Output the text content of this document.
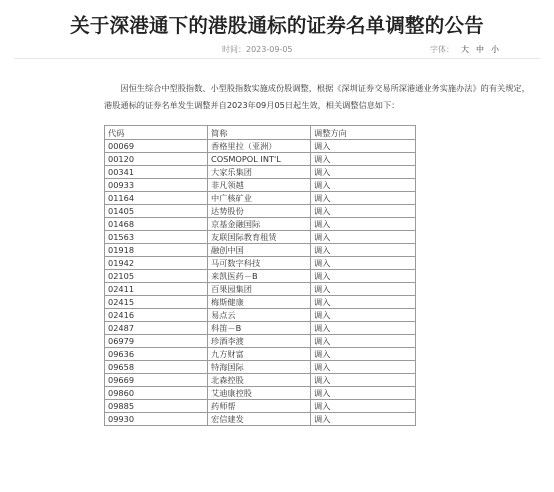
关于深港通下的港股通标的证券名单调整的公告
时间：2023-09-05	字体： 大 中 小

因恒生综合中型股指数、小型股指数实施成份股调整，根据《深圳证券交易所深港通业务实施办法》的有关规定，港股通标的证券名单发生调整并自2023年09月05日起生效，相关调整信息如下：

代码	简称	调整方向
00069	香格里拉（亚洲）	调入
00120	COSMOPOL INT'L	调入
00341	大家乐集团	调入
00933	非凡领越	调入
01164	中广核矿业	调入
01405	达势股份	调入
01468	京基金融国际	调入
01563	友联国际教育租赁	调入
01918	融创中国	调入
01942	马可数字科技	调入
02105	来凯医药－B	调入
02411	百果园集团	调入
02415	梅斯健康	调入
02416	易点云	调入
02487	科笛－B	调入
06979	珍酒李渡	调入
09636	九方财富	调入
09658	特海国际	调入
09669	北森控股	调入
09860	艾迪康控股	调入
09885	药师帮	调入
09930	宏信建发	调入
